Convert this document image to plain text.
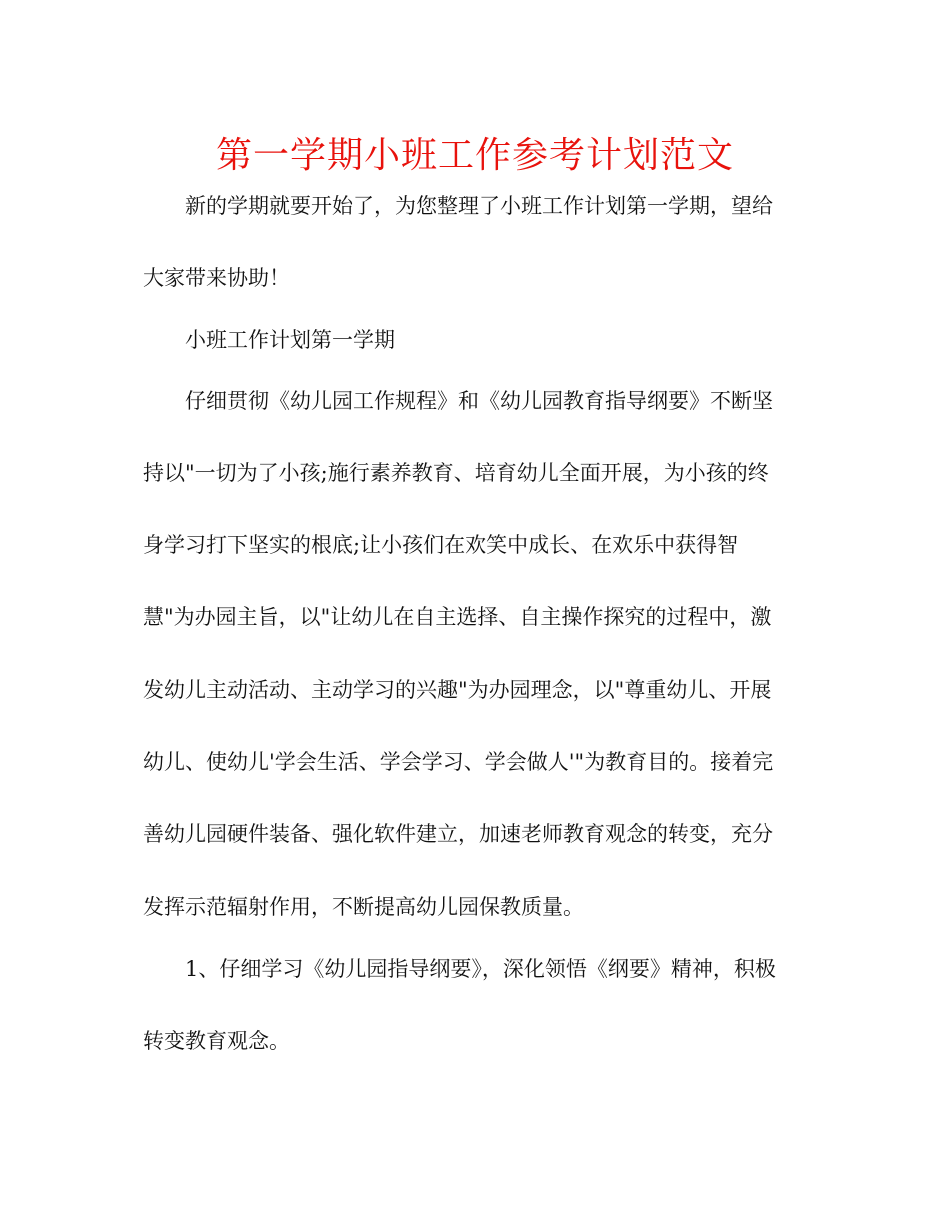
第一学期小班工作参考计划范文
　　新的学期就要开始了，为您整理了小班工作计划第一学期，望给
大家带来协助！
　　小班工作计划第一学期
　　仔细贯彻《幼儿园工作规程》和《幼儿园教育指导纲要》不断坚
持以"一切为了小孩;施行素养教育、培育幼儿全面开展，为小孩的终
身学习打下坚实的根底;让小孩们在欢笑中成长、在欢乐中获得智
慧"为办园主旨，以"让幼儿在自主选择、自主操作探究的过程中，激
发幼儿主动活动、主动学习的兴趣"为办园理念，以"尊重幼儿、开展
幼儿、使幼儿'学会生活、学会学习、学会做人'"为教育目的。接着完
善幼儿园硬件装备、强化软件建立，加速老师教育观念的转变，充分
发挥示范辐射作用，不断提高幼儿园保教质量。
　　1、仔细学习《幼儿园指导纲要》，深化领悟《纲要》精神，积极
转变教育观念。
